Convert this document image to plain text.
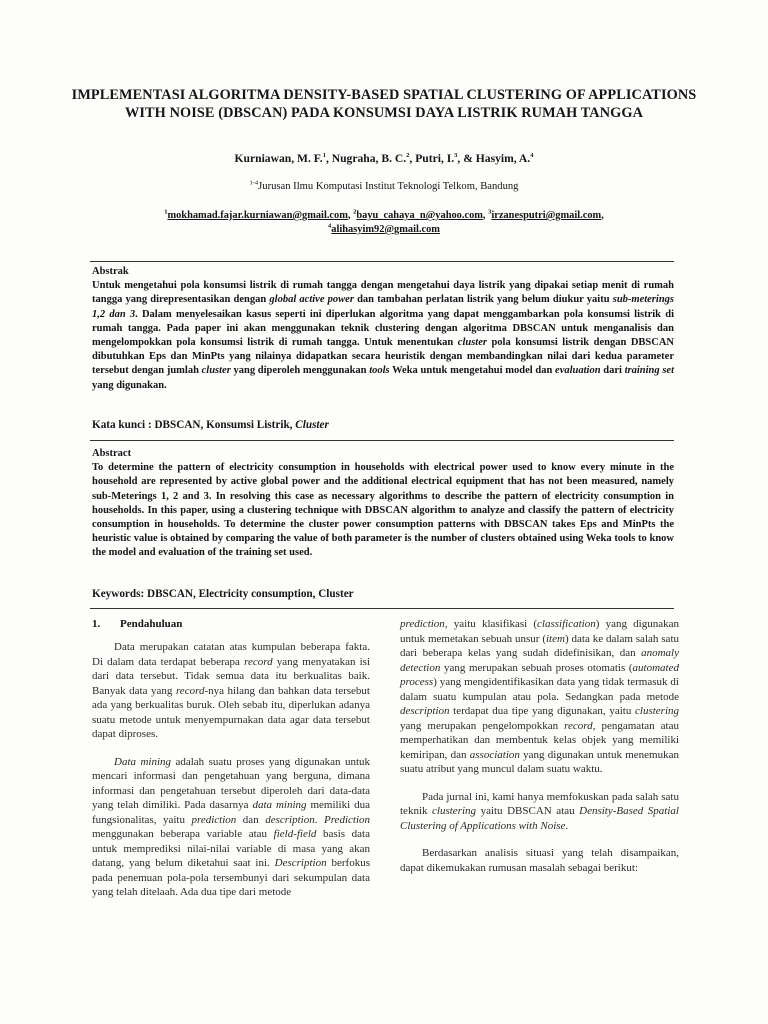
IMPLEMENTASI ALGORITMA DENSITY-BASED SPATIAL CLUSTERING OF APPLICATIONS WITH NOISE (DBSCAN) PADA KONSUMSI DAYA LISTRIK RUMAH TANGGA
Kurniawan, M. F.$^1$, Nugraha, B. C.$^2$, Putri, I.$^3$, & Hasyim, A.$^4$
$^{1-4}$Jurusan Ilmu Komputasi Institut Teknologi Telkom, Bandung
$^1$mokhamad.fajar.kurniawan@gmail.com, $^2$bayu_cahaya_n@yahoo.com, $^3$irzanesputri@gmail.com,
$^4$alihasyim92@gmail.com
Abstrak
Untuk mengetahui pola konsumsi listrik di rumah tangga dengan mengetahui daya listrik yang dipakai setiap menit di rumah tangga yang direpresentasikan dengan global active power dan tambahan perlatan listrik yang belum diukur yaitu sub-meterings 1,2 dan 3. Dalam menyelesaikan kasus seperti ini diperlukan algoritma yang dapat menggambarkan pola konsumsi listrik di rumah tangga. Pada paper ini akan menggunakan teknik clustering dengan algoritma DBSCAN untuk menganalisis dan mengelompokkan pola konsumsi listrik di rumah tangga. Untuk menentukan cluster pola konsumsi listrik dengan DBSCAN dibutuhkan Eps dan MinPts yang nilainya didapatkan secara heuristik dengan membandingkan nilai dari kedua parameter tersebut dengan jumlah cluster yang diperoleh menggunakan tools Weka untuk mengetahui model dan evaluation dari training set yang digunakan.
Kata kunci : DBSCAN, Konsumsi Listrik, Cluster
Abstract
To determine the pattern of electricity consumption in households with electrical power used to know every minute in the household are represented by active global power and the additional electrical equipment that has not been measured, namely sub-Meterings 1, 2 and 3. In resolving this case as necessary algorithms to describe the pattern of electricity consumption in households. In this paper, using a clustering technique with DBSCAN algorithm to analyze and classify the pattern of electricity consumption in households. To determine the cluster power consumption patterns with DBSCAN takes Eps and MinPts the heuristic value is obtained by comparing the value of both parameter is the number of clusters obtained using Weka tools to know the model and evaluation of the training set used.
Keywords: DBSCAN, Electricity consumption, Cluster
1. Pendahuluan

Data merupakan catatan atas kumpulan beberapa fakta. Di dalam data terdapat beberapa record yang menyatakan isi dari data tersebut. Tidak semua data itu berkualitas baik. Banyak data yang record-nya hilang dan bahkan data tersebut ada yang berkualitas buruk. Oleh sebab itu, diperlukan adanya suatu metode untuk menyempurnakan data agar data tersebut dapat diproses.

Data mining adalah suatu proses yang digunakan untuk mencari informasi dan pengetahuan yang berguna, dimana informasi dan pengetahuan tersebut diperoleh dari data-data yang telah dimiliki. Pada dasarnya data mining memiliki dua fungsionalitas, yaitu prediction dan description. Prediction menggunakan beberapa variable atau field-field basis data untuk memprediksi nilai-nilai variable di masa yang akan datang, yang belum diketahui saat ini. Description berfokus pada penemuan pola-pola tersembunyi dari sekumpulan data yang telah ditelaah. Ada dua tipe dari metode

prediction, yaitu klasifikasi (classification) yang digunakan untuk memetakan sebuah unsur (item) data ke dalam salah satu dari beberapa kelas yang sudah didefinisikan, dan anomaly detection yang merupakan sebuah proses otomatis (automated process) yang mengidentifikasikan data yang tidak termasuk di dalam suatu kumpulan atau pola. Sedangkan pada metode description terdapat dua tipe yang digunakan, yaitu clustering yang merupakan pengelompokkan record, pengamatan atau memperhatikan dan membentuk kelas objek yang memiliki kemiripan, dan association yang digunakan untuk menemukan suatu atribut yang muncul dalam suatu waktu.

Pada jurnal ini, kami hanya memfokuskan pada salah satu teknik clustering yaitu DBSCAN atau Density-Based Spatial Clustering of Applications with Noise.

Berdasarkan analisis situasi yang telah disampaikan, dapat dikemukakan rumusan masalah sebagai berikut:
